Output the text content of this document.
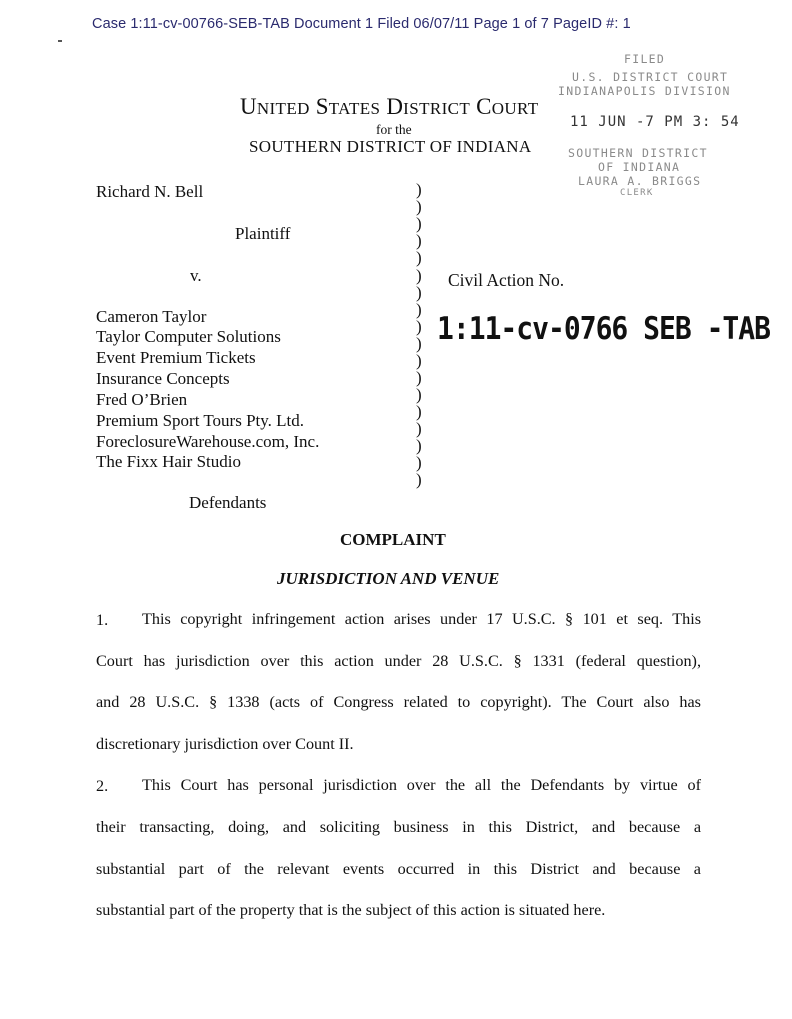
Case 1:11-cv-00766-SEB-TAB Document 1 Filed 06/07/11 Page 1 of 7 PageID #: 1
UNITED STATES DISTRICT COURT
for the
SOUTHERN DISTRICT OF INDIANA
FILED
U.S. DISTRICT COURT
INDIANAPOLIS DIVISION
11 JUN -7 PM 3: 54
SOUTHERN DISTRICT
OF INDIANA
LAURA A. BRIGGS
CLERK
Richard N. Bell
Plaintiff
v.
Cameron Taylor
Taylor Computer Solutions
Event Premium Tickets
Insurance Concepts
Fred O’Brien
Premium Sport Tours Pty. Ltd.
ForeclosureWarehouse.com, Inc.
The Fixx Hair Studio
Defendants
)
)
)
)
)
)
)
)
)
)
)
)
)
)
)
)
)
)
Civil Action No.
1:11-cv-0766 SEB -TAB
COMPLAINT
JURISDICTION AND VENUE
1. This copyright infringement action arises under 17 U.S.C. § 101 et seq. This
Court has jurisdiction over this action under 28 U.S.C. § 1331 (federal question),
and 28 U.S.C. § 1338 (acts of Congress related to copyright). The Court also has
discretionary jurisdiction over Count II.
2. This Court has personal jurisdiction over the all the Defendants by virtue of
their transacting, doing, and soliciting business in this District, and because a
substantial part of the relevant events occurred in this District and because a
substantial part of the property that is the subject of this action is situated here.
